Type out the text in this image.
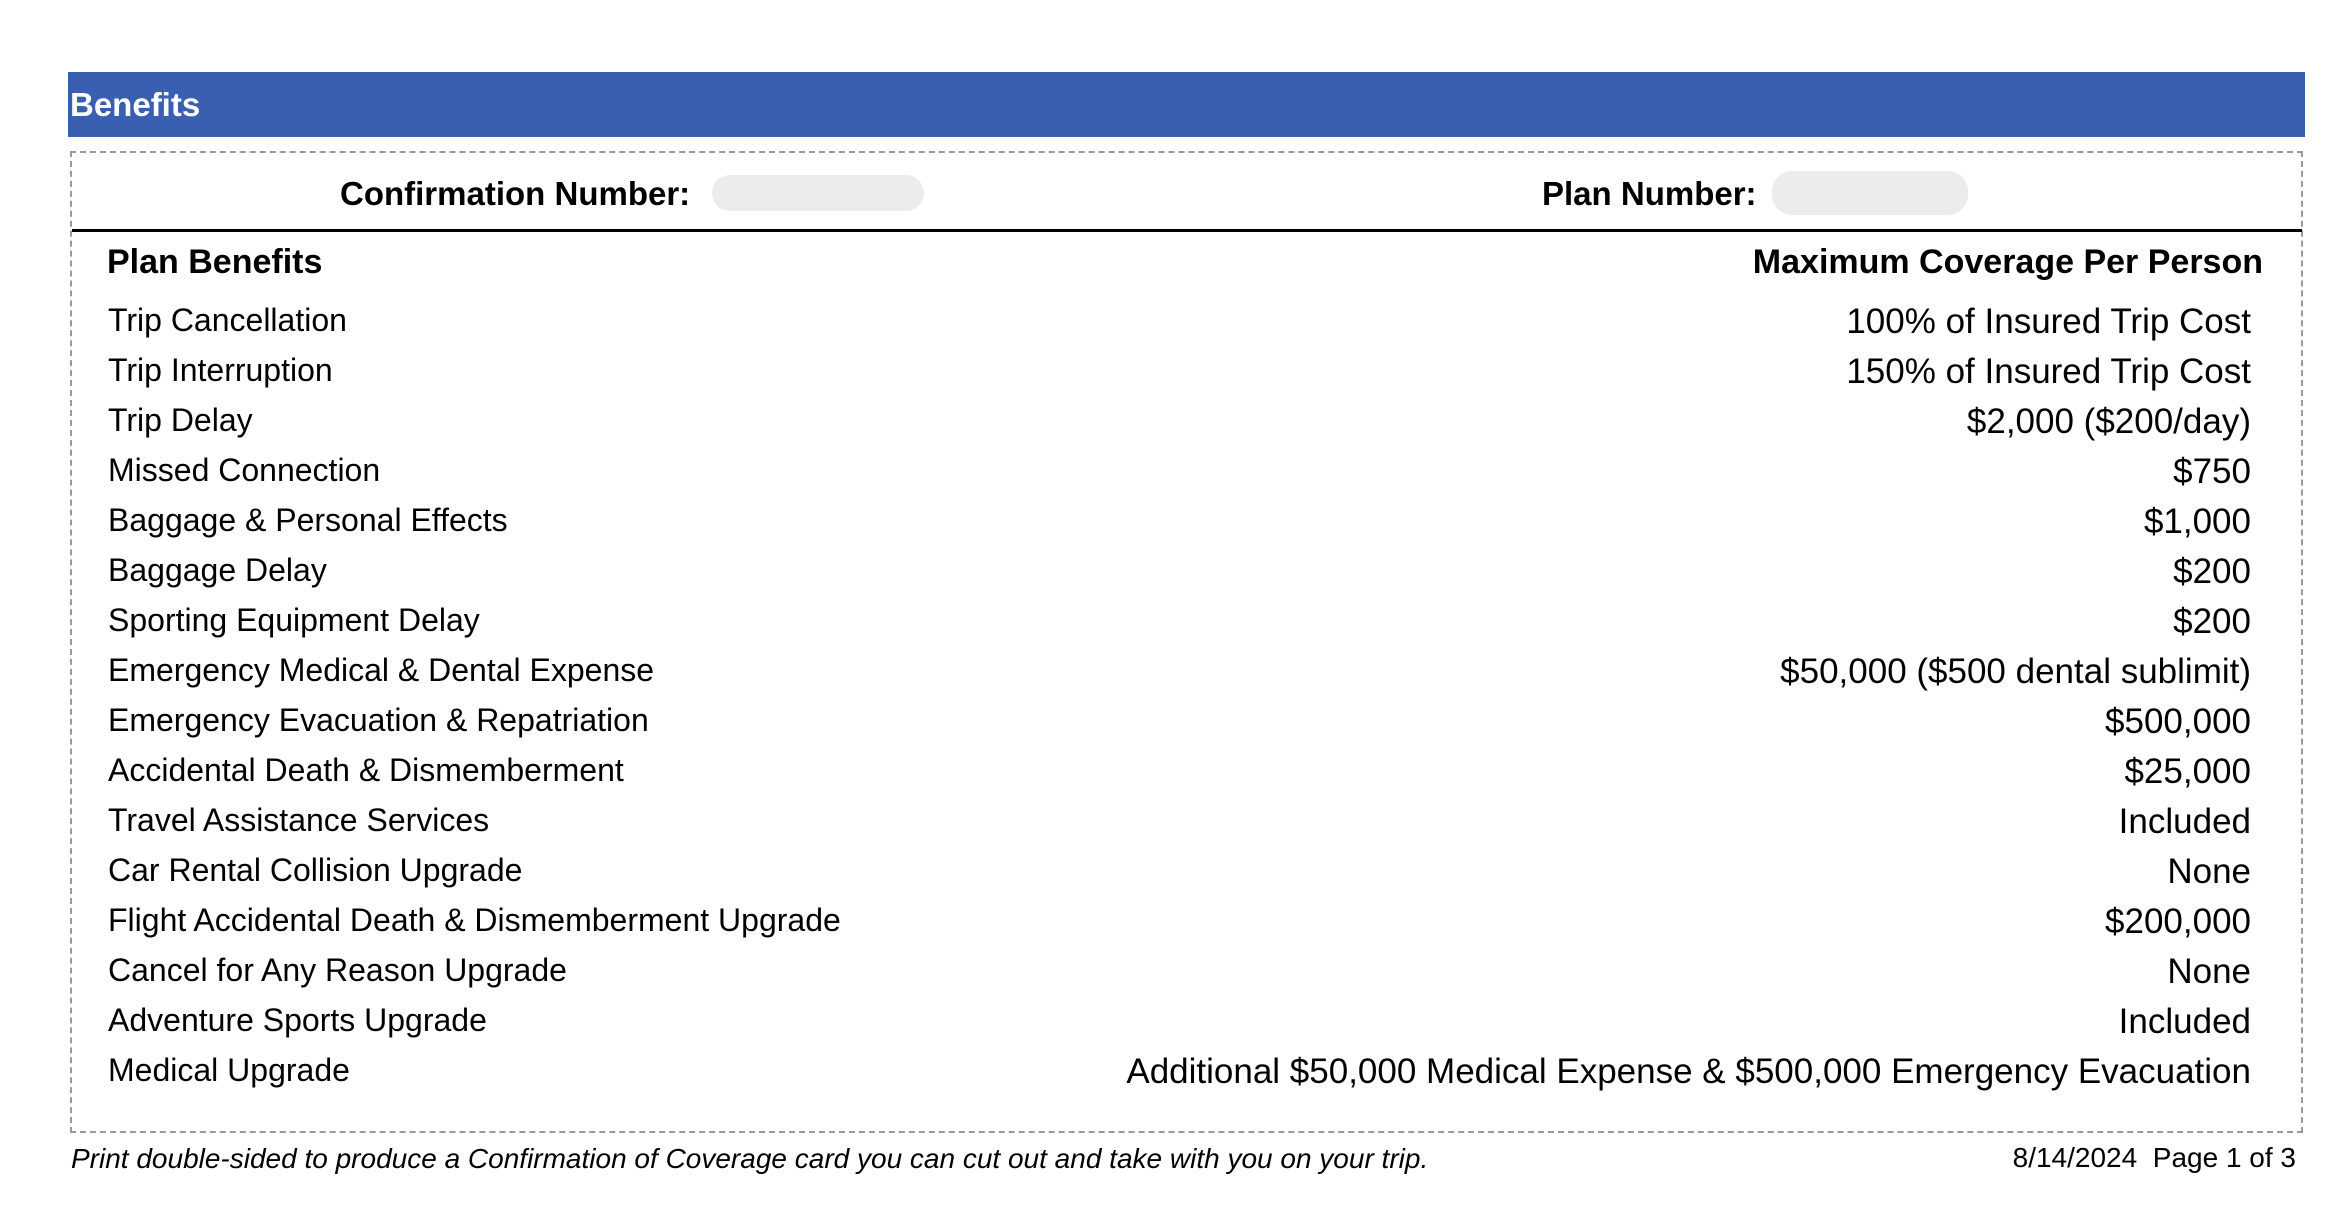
Benefits
Confirmation Number:	Plan Number:
Plan Benefits	Maximum Coverage Per Person
Trip Cancellation	100% of Insured Trip Cost
Trip Interruption	150% of Insured Trip Cost
Trip Delay	$2,000 ($200/day)
Missed Connection	$750
Baggage & Personal Effects	$1,000
Baggage Delay	$200
Sporting Equipment Delay	$200
Emergency Medical & Dental Expense	$50,000 ($500 dental sublimit)
Emergency Evacuation & Repatriation	$500,000
Accidental Death & Dismemberment	$25,000
Travel Assistance Services	Included
Car Rental Collision Upgrade	None
Flight Accidental Death & Dismemberment Upgrade	$200,000
Cancel for Any Reason Upgrade	None
Adventure Sports Upgrade	Included
Medical Upgrade	Additional $50,000 Medical Expense & $500,000 Emergency Evacuation
Print double-sided to produce a Confirmation of Coverage card you can cut out and take with you on your trip.	8/14/2024 Page 1 of 3
